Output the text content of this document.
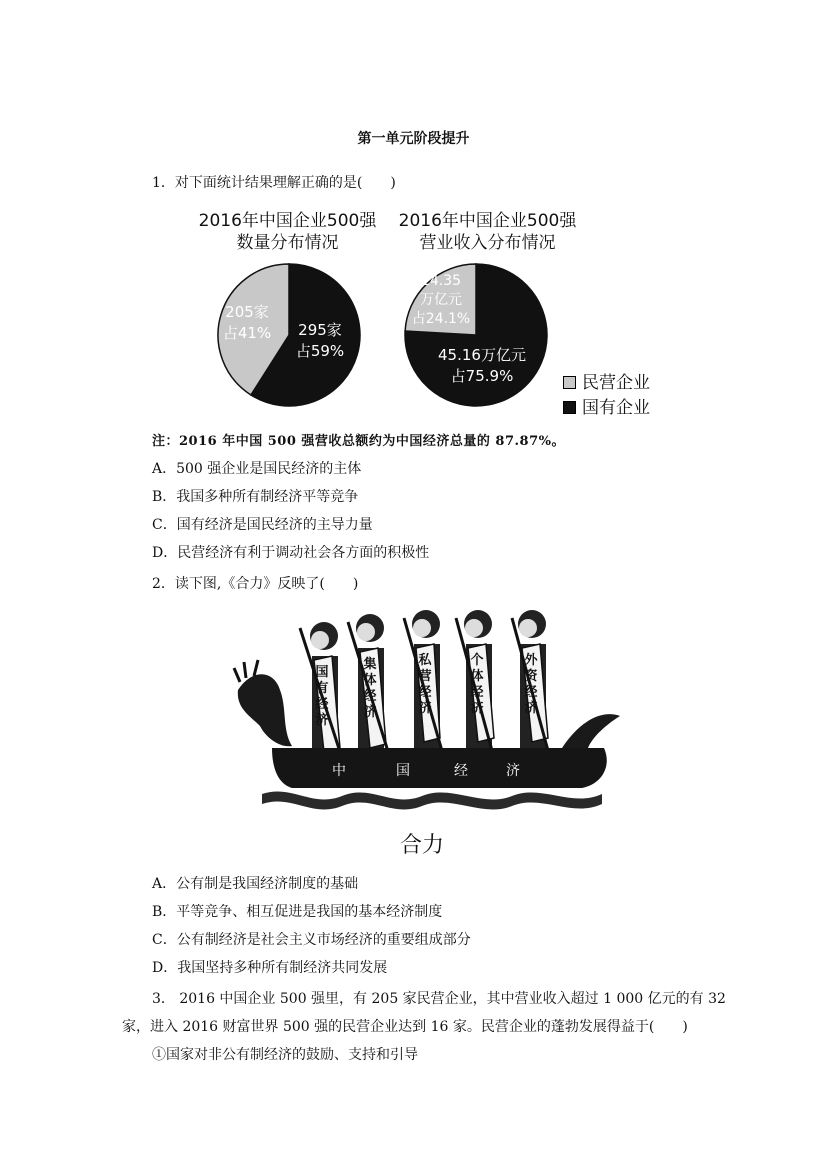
第一单元阶段提升
1．对下面统计结果理解正确的是(　　)
2016年中国企业500强
数量分布情况
205家
占41%	295家
占59%
2016年中国企业500强
营业收入分布情况
14.35
万亿元
占24.1%
45.16万亿元
占75.9%	民营企业
国有企业
注：2016 年中国 500 强营收总额约为中国经济总量的 87.87%。
A．500 强企业是国民经济的主体
B．我国多种所有制经济平等竞争
C．国有经济是国民经济的主导力量
D．民营经济有利于调动社会各方面的积极性
2．读下图,《合力》反映了(　　)
国
有
经
济
集
体
经
济
私
营
经
济
个
体
经
济
外
资
经
济
中	国	经	济
合力
A．公有制是我国经济制度的基础
B．平等竞争、相互促进是我国的基本经济制度
C．公有制经济是社会主义市场经济的重要组成部分
D．我国坚持多种所有制经济共同发展
3． 2016 中国企业 500 强里，有 205 家民营企业，其中营业收入超过 1 000 亿元的有 32
家，进入 2016 财富世界 500 强的民营企业达到 16 家。民营企业的蓬勃发展得益于(　　)
①国家对非公有制经济的鼓励、支持和引导
